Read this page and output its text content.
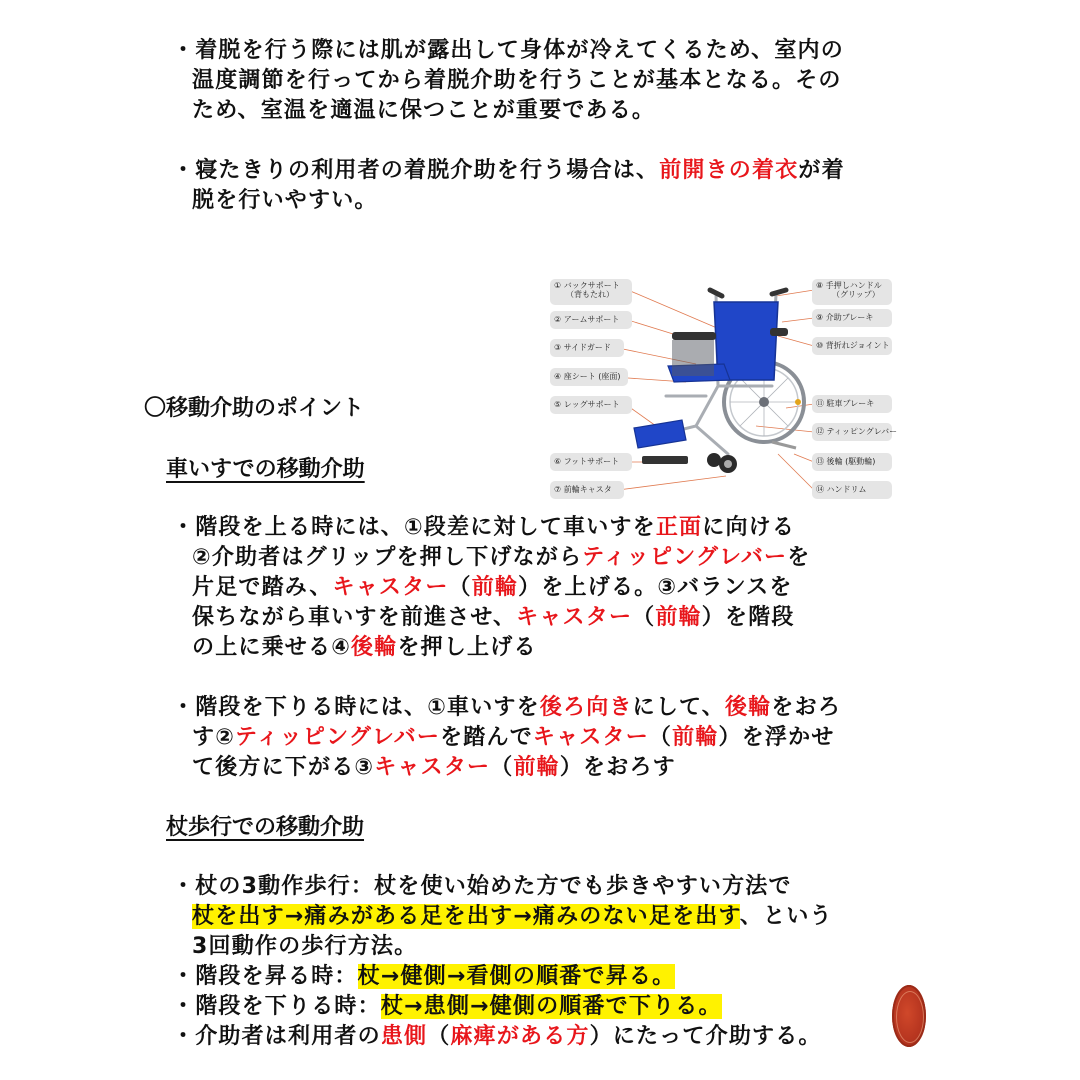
・着脱を行う際には肌が露出して身体が冷えてくるため、室内の
温度調節を行ってから着脱介助を行うことが基本となる。その
ため、室温を適温に保つことが重要である。
・寝たきりの利用者の着脱介助を行う場合は、前開きの着衣が着
脱を行いやすい。
① バックサポート
（背もたれ）
② アームサポート
③ サイドガード
④ 座シート (座面)
⑤ レッグサポート
⑥ フットサポート
⑦ 前輪キャスタ
⑧ 手押しハンドル
（グリップ）
⑨ 介助ブレーキ
⑩ 背折れジョイント
⑪ 駐車ブレーキ
⑫ ティッピングレバー
⑬ 後輪 (駆動輪)
⑭ ハンドリム
〇移動介助のポイント
車いすでの移動介助
・階段を上る時には、①段差に対して車いすを正面に向ける
②介助者はグリップを押し下げながらティッピングレバーを
片足で踏み、キャスター（前輪）を上げる。③バランスを
保ちながら車いすを前進させ、キャスター（前輪）を階段
の上に乗せる④後輪を押し上げる
・階段を下りる時には、①車いすを後ろ向きにして、後輪をおろ
す②ティッピングレバーを踏んでキャスター（前輪）を浮かせ
て後方に下がる③キャスター（前輪）をおろす
杖歩行での移動介助
・杖の3動作歩行：杖を使い始めた方でも歩きやすい方法で
杖を出す→痛みがある足を出す→痛みのない足を出す、という
3回動作の歩行方法。
・階段を昇る時：杖→健側→看側の順番で昇る。
・階段を下りる時：杖→患側→健側の順番で下りる。
・介助者は利用者の患側（麻痺がある方）にたって介助する。
